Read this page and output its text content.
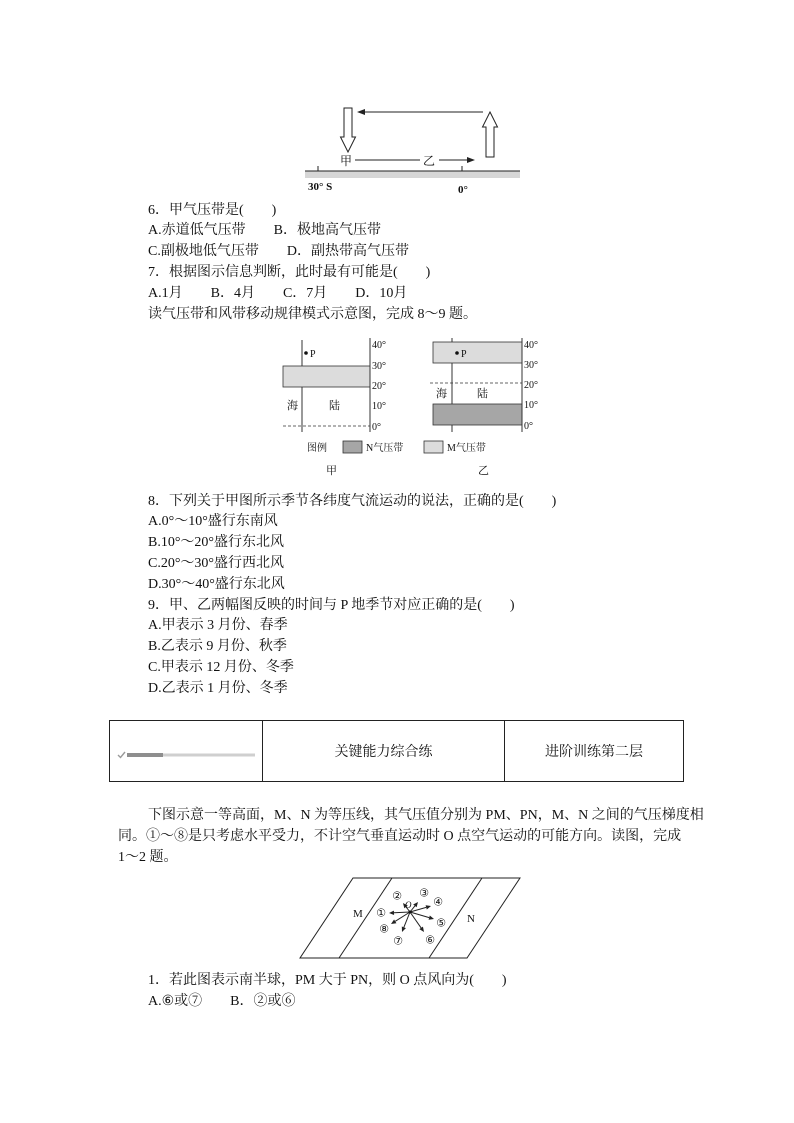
甲	乙
30° S	0°
6．甲气压带是(　　)
A.赤道低气压带　　B．极地高气压带
C.副极地低气压带　　D．副热带高气压带
7．根据图示信息判断，此时最有可能是(　　)
A.1月　　B．4月　　C．7月　　D．10月
读气压带和风带移动规律模式示意图，完成 8～9 题。
40°
30°
20°
10°
0°
P
海	陆
甲
40°
30°
20°
10°
0°
P
海	陆
乙
图例	N气压带	M气压带
8．下列关于甲图所示季节各纬度气流运动的说法，正确的是(　　)
A.0°～10°盛行东南风
B.10°～20°盛行东北风
C.20°～30°盛行西北风
D.30°～40°盛行东北风
9．甲、乙两幅图反映的时间与 P 地季节对应正确的是(　　)
A.甲表示 3 月份、春季
B.乙表示 9 月份、秋季
C.甲表示 12 月份、冬季
D.乙表示 1 月份、冬季
关键能力综合练	进阶训练第二层
下图示意一等高面，M、N 为等压线，其气压值分别为 PM、PN，M、N 之间的气压梯度相
同。①～⑧是只考虑水平受力，不计空气垂直运动时 O 点空气运动的可能方向。读图，完成
1～2 题。
M	N
①
② ③
④
⑤
⑥
⑦
⑧
O
1．若此图表示南半球，PM 大于 PN，则 O 点风向为(　　)
A.⑥或⑦　　B．②或⑥
